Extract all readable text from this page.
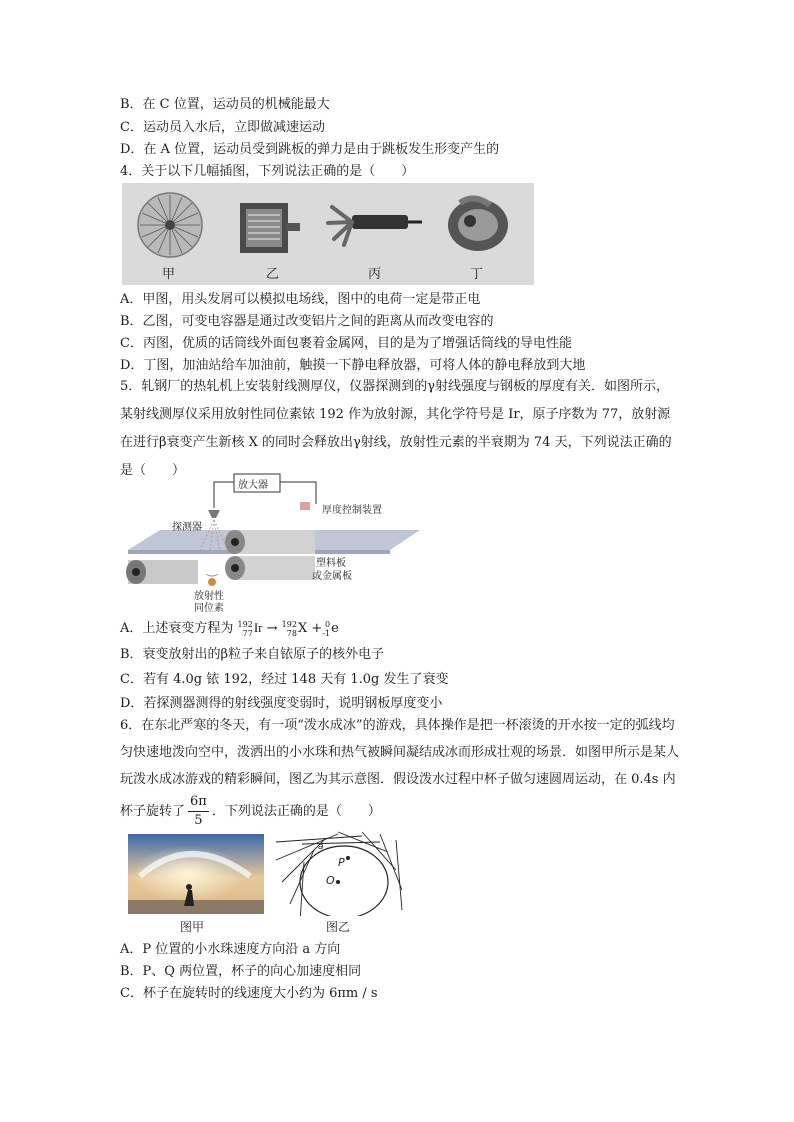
B．在 C 位置，运动员的机械能最大
C．运动员入水后，立即做减速运动
D．在 A 位置，运动员受到跳板的弹力是由于跳板发生形变产生的
4．关于以下几幅插图，下列说法正确的是（　　）
甲	乙	丙	丁
A．甲图，用头发屑可以模拟电场线，图中的电荷一定是带正电
B．乙图，可变电容器是通过改变铝片之间的距离从而改变电容的
C．丙图，优质的话筒线外面包裹着金属网，目的是为了增强话筒线的导电性能
D．丁图，加油站给车加油前，触摸一下静电释放器，可将人体的静电释放到大地
5．轧钢厂的热轧机上安装射线测厚仪，仪器探测到的γ射线强度与钢板的厚度有关．如图所示，某射线测厚仪采用放射性同位素铱 192 作为放射源，其化学符号是 Ir，原子序数为 77，放射源在进行β衰变产生新核 X 的同时会释放出γ射线，放射性元素的半衰期为 74 天，下列说法正确的是（　　）
放大器
探测器
厚度控制装置
塑料板
或金属板
放射性
同位素
A．上述衰变方程为 192
77 Ir → 192
78 X + 0
-1 e
B．衰变放射出的β粒子来自铱原子的核外电子
C．若有 4.0g 铱 192，经过 148 天有 1.0g 发生了衰变
D．若探测器测得的射线强度变弱时，说明钢板厚度变小
6．在东北严寒的冬天，有一项“泼水成冰”的游戏，具体操作是把一杯滚烫的开水按一定的弧线均匀快速地泼向空中，泼洒出的小水珠和热气被瞬间凝结成冰而形成壮观的场景．如图甲所示是某人玩泼水成冰游戏的精彩瞬间，图乙为其示意图．假设泼水过程中杯子做匀速圆周运动，在 0.4s 内杯子旋转了 $\frac{6\pi}{5}$ ．下列说法正确的是（　　）
P
O
a
图甲	图乙
A．P 位置的小水珠速度方向沿 a 方向
B．P、Q 两位置，杯子的向心加速度相同
C．杯子在旋转时的线速度大小约为 6πm / s
